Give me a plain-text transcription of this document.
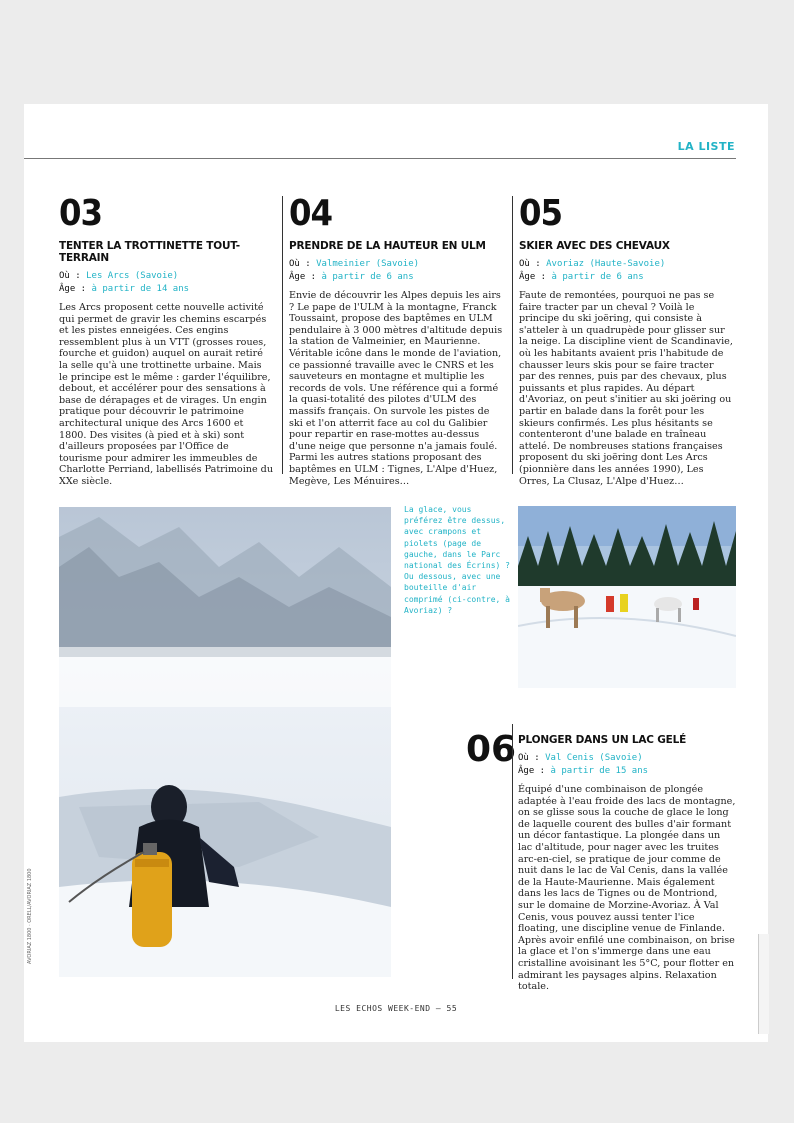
LA LISTE
03
TENTER LA TROTTINETTE TOUT-TERRAIN
Où : Les Arcs (Savoie)
Âge : à partir de 14 ans
Les Arcs proposent cette nouvelle activité qui permet de gravir les chemins escarpés et les pistes enneigées. Ces engins ressemblent plus à un VTT (grosses roues, fourche et guidon) auquel on aurait retiré la selle qu'à une trottinette urbaine. Mais le principe est le même : garder l'équilibre, debout, et accélérer pour des sensations à base de dérapages et de virages. Un engin pratique pour découvrir le patrimoine architectural unique des Arcs 1600 et 1800. Des visites (à pied et à ski) sont d'ailleurs proposées par l'Office de tourisme pour admirer les immeubles de Charlotte Perriand, labellisés Patrimoine du XXe siècle.
04
PRENDRE DE LA HAUTEUR EN ULM
Où : Valmeinier (Savoie)
Âge : à partir de 6 ans
Envie de découvrir les Alpes depuis les airs ? Le pape de l'ULM à la montagne, Franck Toussaint, propose des baptêmes en ULM pendulaire à 3 000 mètres d'altitude depuis la station de Valmeinier, en Maurienne. Véritable icône dans le monde de l'aviation, ce passionné travaille avec le CNRS et les sauveteurs en montagne et multiplie les records de vols. Une référence qui a formé la quasi-totalité des pilotes d'ULM des massifs français. On survole les pistes de ski et l'on atterrit face au col du Galibier pour repartir en rase-mottes au-dessus d'une neige que personne n'a jamais foulé. Parmi les autres stations proposant des baptêmes en ULM : Tignes, L'Alpe d'Huez, Megève, Les Ménuires…
05
SKIER AVEC DES CHEVAUX
Où : Avoriaz (Haute-Savoie)
Âge : à partir de 6 ans
Faute de remontées, pourquoi ne pas se faire tracter par un cheval ? Voilà le principe du ski joëring, qui consiste à s'atteler à un quadrupède pour glisser sur la neige. La discipline vient de Scandinavie, où les habitants avaient pris l'habitude de chausser leurs skis pour se faire tracter par des rennes, puis par des chevaux, plus puissants et plus rapides. Au départ d'Avoriaz, on peut s'initier au ski joëring ou partir en balade dans la forêt pour les skieurs confirmés. Les plus hésitants se contenteront d'une balade en traîneau attelé. De nombreuses stations françaises proposent du ski joëring dont Les Arcs (pionnière dans les années 1990), Les Orres, La Clusaz, L'Alpe d'Huez…
La glace, vous préférez être dessus, avec crampons et piolets (page de gauche, dans le Parc national des Écrins) ? Ou dessous, avec une bouteille d'air comprimé (ci-contre, à Avoriaz) ?
06 PLONGER DANS UN LAC GELÉ
Où : Val Cenis (Savoie)
Âge : à partir de 15 ans
Équipé d'une combinaison de plongée adaptée à l'eau froide des lacs de montagne, on se glisse sous la couche de glace le long de laquelle courent des bulles d'air formant un décor fantastique. La plongée dans un lac d'altitude, pour nager avec les truites arc-en-ciel, se pratique de jour comme de nuit dans le lac de Val Cenis, dans la vallée de la Haute-Maurienne. Mais également dans les lacs de Tignes ou de Montriond, sur le domaine de Morzine-Avoriaz. À Val Cenis, vous pouvez aussi tenter l'ice floating, une discipline venue de Finlande. Après avoir enfilé une combinaison, on brise la glace et l'on s'immerge dans une eau cristalline avoisinant les 5°C, pour flotter en admirant les paysages alpins. Relaxation totale.
AVORIAZ 1800 · ORELL/AVORIAZ 1800
LES ECHOS WEEK-END – 55
